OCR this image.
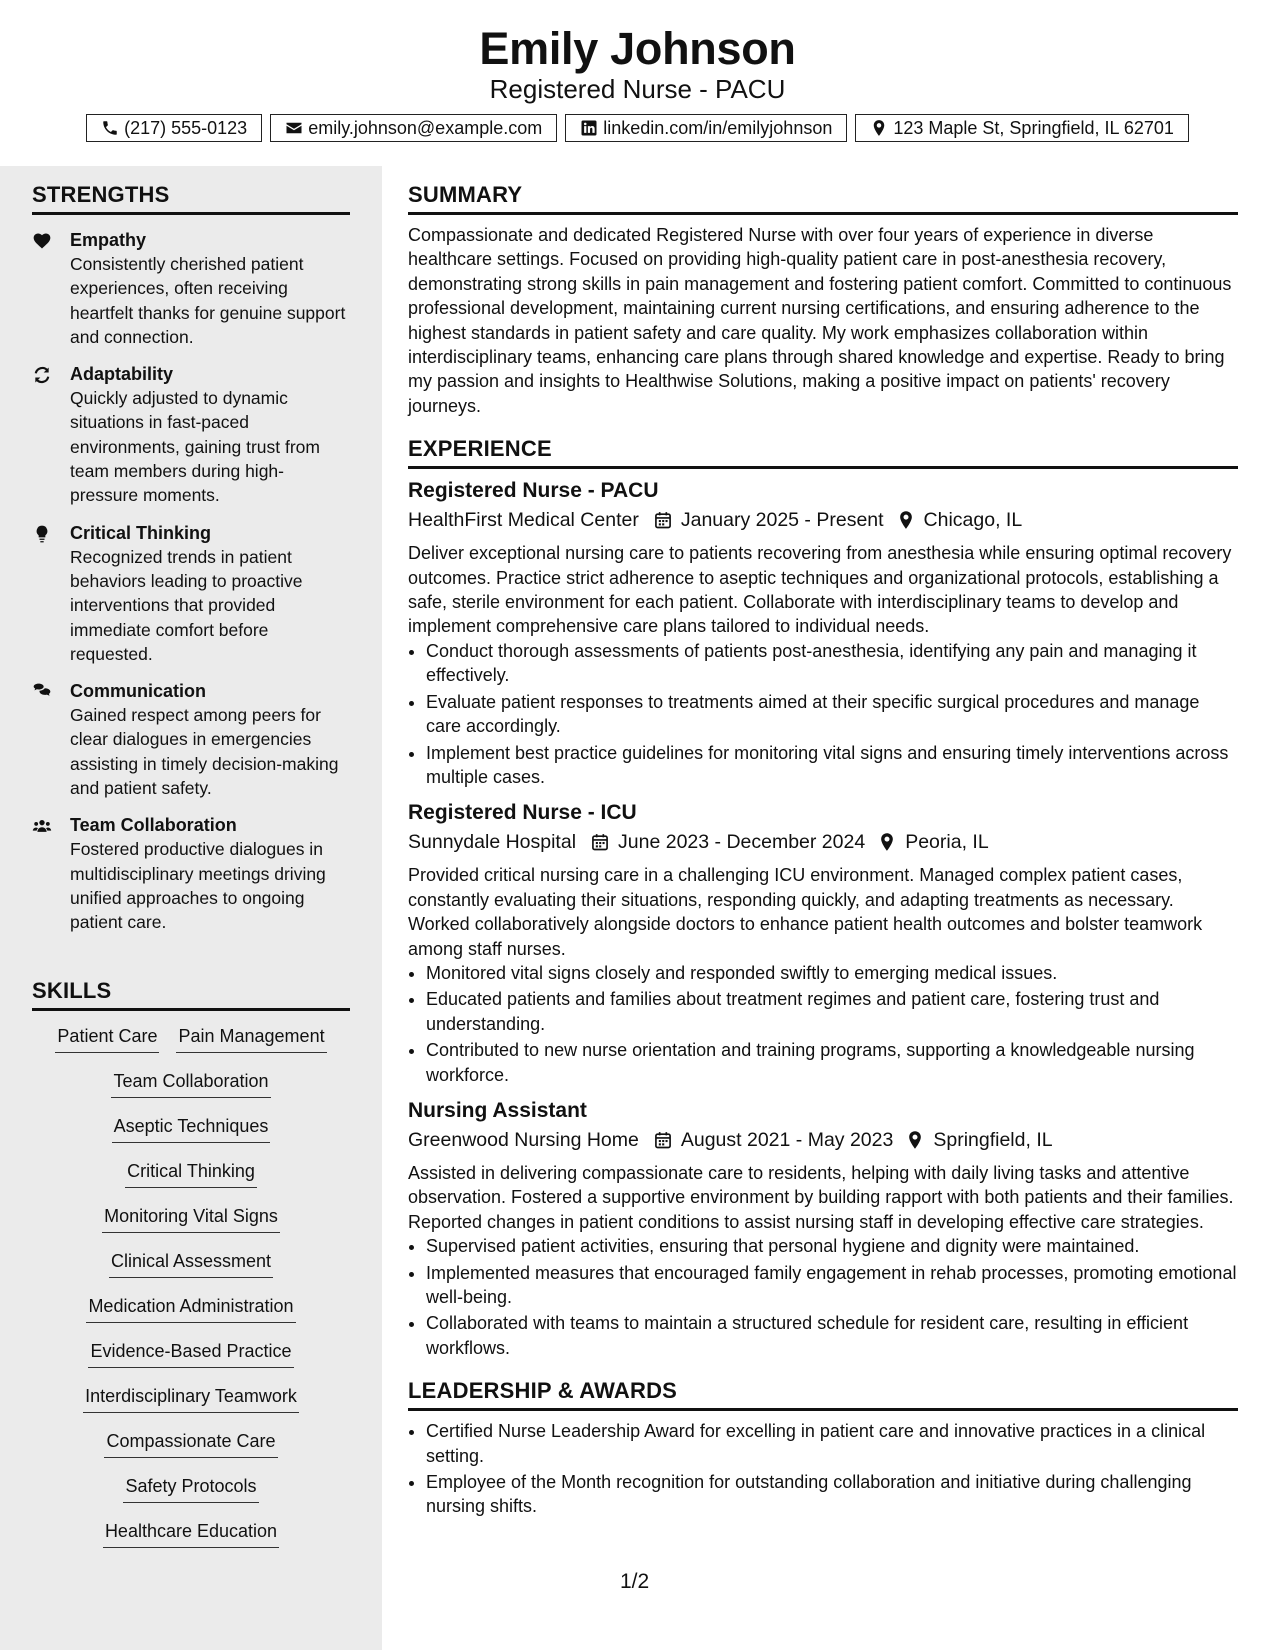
Emily Johnson
Registered Nurse - PACU
(217) 555-0123	emily.johnson@example.com	linkedin.com/in/emilyjohnson	123 Maple St, Springfield, IL 62701
STRENGTHS
Empathy
Consistently cherished patient experiences, often receiving heartfelt thanks for genuine support and connection.
Adaptability
Quickly adjusted to dynamic situations in fast-paced environments, gaining trust from team members during high-pressure moments.
Critical Thinking
Recognized trends in patient behaviors leading to proactive interventions that provided immediate comfort before requested.
Communication
Gained respect among peers for clear dialogues in emergencies assisting in timely decision-making and patient safety.
Team Collaboration
Fostered productive dialogues in multidisciplinary meetings driving unified approaches to ongoing patient care.
SKILLS
Patient Care Pain Management
Team Collaboration
Aseptic Techniques
Critical Thinking
Monitoring Vital Signs
Clinical Assessment
Medication Administration
Evidence-Based Practice
Interdisciplinary Teamwork
Compassionate Care
Safety Protocols
Healthcare Education
SUMMARY
Compassionate and dedicated Registered Nurse with over four years of experience in diverse healthcare settings. Focused on providing high-quality patient care in post-anesthesia recovery, demonstrating strong skills in pain management and fostering patient comfort. Committed to continuous professional development, maintaining current nursing certifications, and ensuring adherence to the highest standards in patient safety and care quality. My work emphasizes collaboration within interdisciplinary teams, enhancing care plans through shared knowledge and expertise. Ready to bring my passion and insights to Healthwise Solutions, making a positive impact on patients' recovery journeys.
EXPERIENCE
Registered Nurse - PACU
HealthFirst Medical Center January 2025 - Present Chicago, IL
Deliver exceptional nursing care to patients recovering from anesthesia while ensuring optimal recovery outcomes. Practice strict adherence to aseptic techniques and organizational protocols, establishing a safe, sterile environment for each patient. Collaborate with interdisciplinary teams to develop and implement comprehensive care plans tailored to individual needs.
• Conduct thorough assessments of patients post-anesthesia, identifying any pain and managing it effectively.
• Evaluate patient responses to treatments aimed at their specific surgical procedures and manage care accordingly.
• Implement best practice guidelines for monitoring vital signs and ensuring timely interventions across multiple cases.
Registered Nurse - ICU
Sunnydale Hospital June 2023 - December 2024 Peoria, IL
Provided critical nursing care in a challenging ICU environment. Managed complex patient cases, constantly evaluating their situations, responding quickly, and adapting treatments as necessary. Worked collaboratively alongside doctors to enhance patient health outcomes and bolster teamwork among staff nurses.
• Monitored vital signs closely and responded swiftly to emerging medical issues.
• Educated patients and families about treatment regimes and patient care, fostering trust and understanding.
• Contributed to new nurse orientation and training programs, supporting a knowledgeable nursing workforce.
Nursing Assistant
Greenwood Nursing Home August 2021 - May 2023 Springfield, IL
Assisted in delivering compassionate care to residents, helping with daily living tasks and attentive observation. Fostered a supportive environment by building rapport with both patients and their families. Reported changes in patient conditions to assist nursing staff in developing effective care strategies.
• Supervised patient activities, ensuring that personal hygiene and dignity were maintained.
• Implemented measures that encouraged family engagement in rehab processes, promoting emotional well-being.
• Collaborated with teams to maintain a structured schedule for resident care, resulting in efficient workflows.
LEADERSHIP & AWARDS
• Certified Nurse Leadership Award for excelling in patient care and innovative practices in a clinical setting.
• Employee of the Month recognition for outstanding collaboration and initiative during challenging nursing shifts.
1/2
